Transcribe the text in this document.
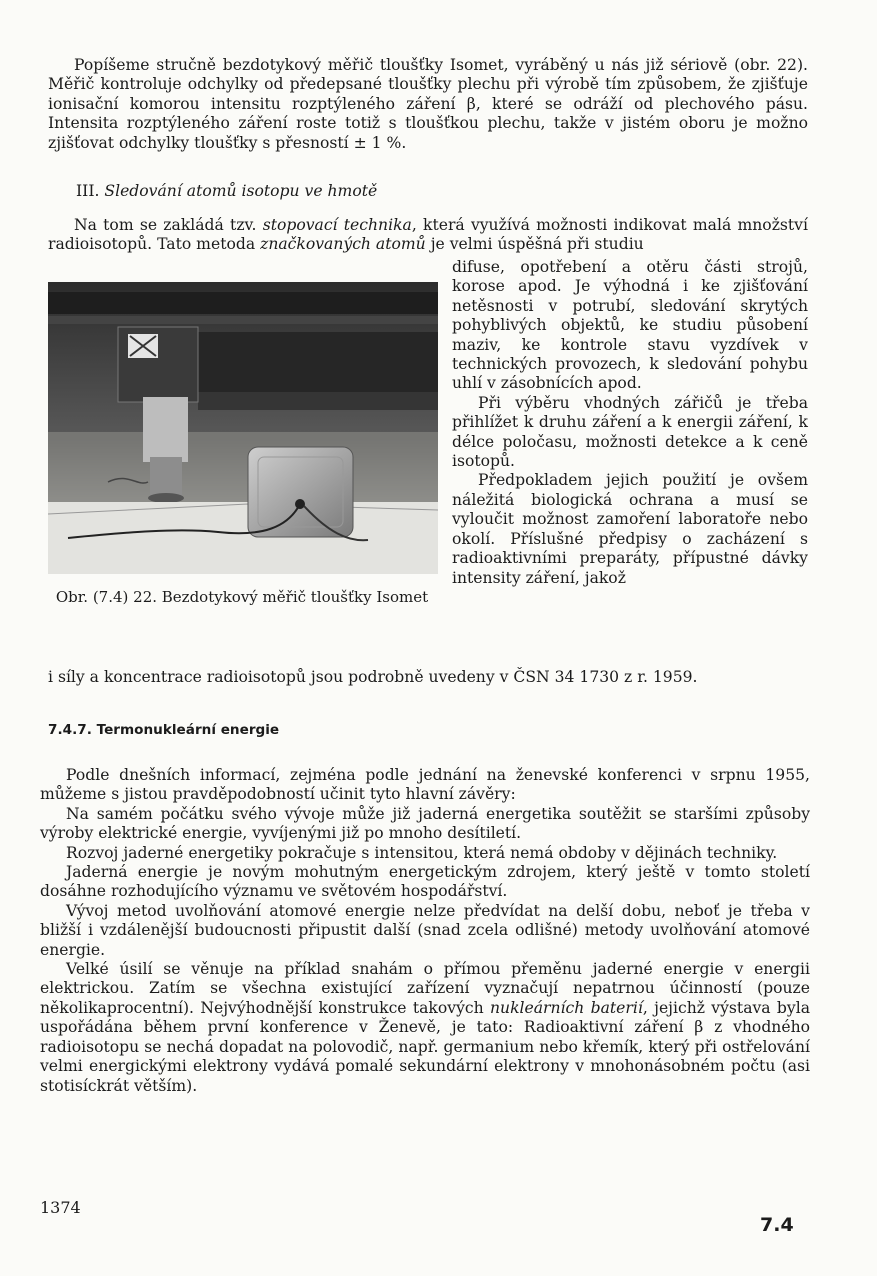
Popíšeme stručně bezdotykový měřič tloušťky Isomet, vyráběný u nás již sériově (obr. 22). Měřič kontroluje odchylky od předepsané tloušťky plechu při výrobě tím způsobem, že zjišťuje ionisační komorou intensitu rozptýleného záření β, které se odráží od plechového pásu. Intensita rozptýleného záření roste totiž s tloušťkou plechu, takže v jistém oboru je možno zjišťovat odchylky tloušťky s přesností ± 1 %.

III. Sledování atomů isotopu ve hmotě

Na tom se zakládá tzv. stopovací technika, která využívá možnosti indikovat malá množství radioisotopů. Tato metoda značkovaných atomů je velmi úspěšná při studiu

Obr. (7.4) 22. Bezdotykový měřič tloušťky Isomet

difuse, opotřebení a otěru části strojů, korose apod. Je výhodná i ke zjišťování netěsnosti v potrubí, sledování skrytých pohyblivých objektů, ke studiu působení maziv, ke kontrole stavu vyzdívek v technických provozech, k sledování pohybu uhlí v zásobnících apod.

Při výběru vhodných zářičů je třeba přihlížet k druhu záření a k energii záření, k délce poločasu, možnosti detekce a k ceně isotopů.

Předpokladem jejich použití je ovšem náležitá biologická ochrana a musí se vyloučit možnost zamoření laboratoře nebo okolí. Příslušné předpisy o zacházení s radioaktivními preparáty, přípustné dávky intensity záření, jakož

i síly a koncentrace radioisotopů jsou podrobně uvedeny v ČSN 34 1730 z r. 1959.

7.4.7. Termonukleární energie

Podle dnešních informací, zejména podle jednání na ženevské konferenci v srpnu 1955, můžeme s jistou pravděpodobností učinit tyto hlavní závěry:

Na samém počátku svého vývoje může již jaderná energetika soutěžit se staršími způsoby výroby elektrické energie, vyvíjenými již po mnoho desítiletí.

Rozvoj jaderné energetiky pokračuje s intensitou, která nemá obdoby v dějinách techniky.

Jaderná energie je novým mohutným energetickým zdrojem, který ještě v tomto století dosáhne rozhodujícího významu ve světovém hospodářství.

Vývoj metod uvolňování atomové energie nelze předvídat na delší dobu, neboť je třeba v bližší i vzdálenější budoucnosti připustit další (snad zcela odlišné) metody uvolňování atomové energie.

Velké úsilí se věnuje na příklad snahám o přímou přeměnu jaderné energie v energii elektrickou. Zatím se všechna existující zařízení vyznačují nepatrnou účinností (pouze několikaprocentní). Nejvýhodnější konstrukce takových nukleárních baterií, jejichž výstava byla uspořádána během první konference v Ženevě, je tato: Radioaktivní záření β z vhodného radioisotopu se nechá dopadat na polovodič, např. germanium nebo křemík, který při ostřelování velmi energickými elektrony vydává pomalé sekundární elektrony v mnohonásobném počtu (asi stotisíckrát větším).

1374
7.4
